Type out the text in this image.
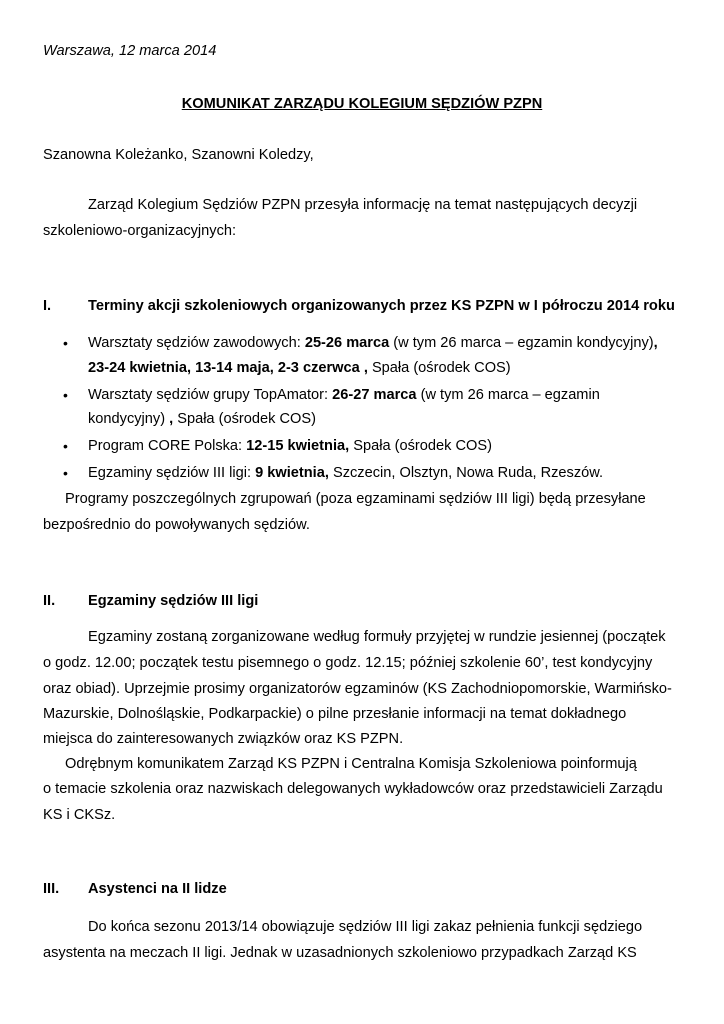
Warszawa, 12 marca 2014
KOMUNIKAT ZARZĄDU KOLEGIUM SĘDZIÓW PZPN
Szanowna Koleżanko, Szanowni Koledzy,
Zarząd Kolegium Sędziów PZPN przesyła informację na temat następujących decyzji
szkoleniowo-organizacyjnych:
I.	Terminy akcji szkoleniowych organizowanych przez KS PZPN w I półroczu 2014 roku
• Warsztaty sędziów zawodowych: 25-26 marca (w tym 26 marca – egzamin kondycyjny),
23-24 kwietnia, 13-14 maja, 2-3 czerwca , Spała (ośrodek COS)
• Warsztaty sędziów grupy TopAmator: 26-27 marca (w tym 26 marca – egzamin
kondycyjny) , Spała (ośrodek COS)
• Program CORE Polska: 12-15 kwietnia, Spała (ośrodek COS)
• Egzaminy sędziów III ligi: 9 kwietnia, Szczecin, Olsztyn, Nowa Ruda, Rzeszów.
Programy poszczególnych zgrupowań (poza egzaminami sędziów III ligi) będą przesyłane
bezpośrednio do powoływanych sędziów.
II. Egzaminy sędziów III ligi
Egzaminy zostaną zorganizowane według formuły przyjętej w rundzie jesiennej (początek
o godz. 12.00; początek testu pisemnego o godz. 12.15; później szkolenie 60’, test kondycyjny
oraz obiad). Uprzejmie prosimy organizatorów egzaminów (KS Zachodniopomorskie, Warmińsko-
Mazurskie, Dolnośląskie, Podkarpackie) o pilne przesłanie informacji na temat dokładnego
miejsca do zainteresowanych związków oraz KS PZPN.
Odrębnym komunikatem Zarząd KS PZPN i Centralna Komisja Szkoleniowa poinformują
o temacie szkolenia oraz nazwiskach delegowanych wykładowców oraz przedstawicieli Zarządu
KS i CKSz.
III. Asystenci na II lidze
Do końca sezonu 2013/14 obowiązuje sędziów III ligi zakaz pełnienia funkcji sędziego
asystenta na meczach II ligi. Jednak w uzasadnionych szkoleniowo przypadkach Zarząd KS
